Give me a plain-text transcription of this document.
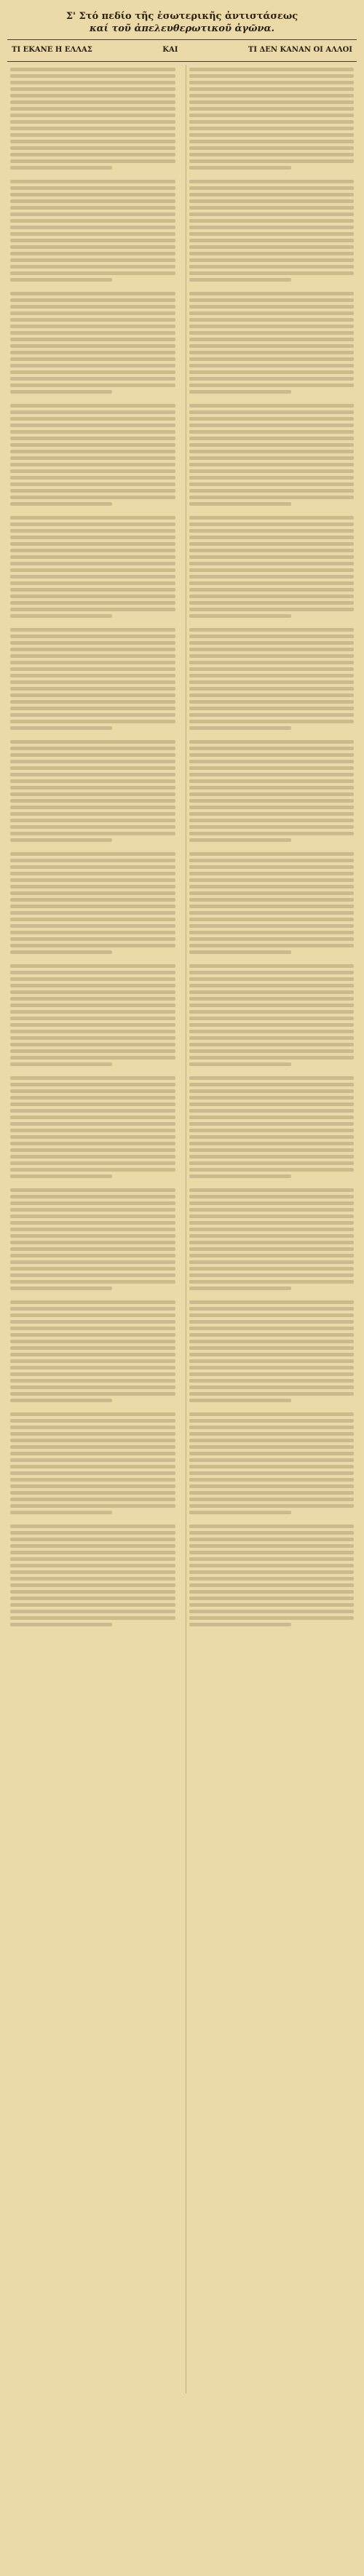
Σ' Στό πεδίο τῆς ἐσωτερικῆς ἀντιστάσεως
καί τοῦ ἀπελευθερωτικοῦ ἀγῶνα.
ΤΙ ΕΚΑΝΕ Η ΕΛΛΑΣ	ΚΑΙ	ΤΙ ΔΕΝ ΚΑΝΑΝ ΟΙ ΑΛΛΟΙ
